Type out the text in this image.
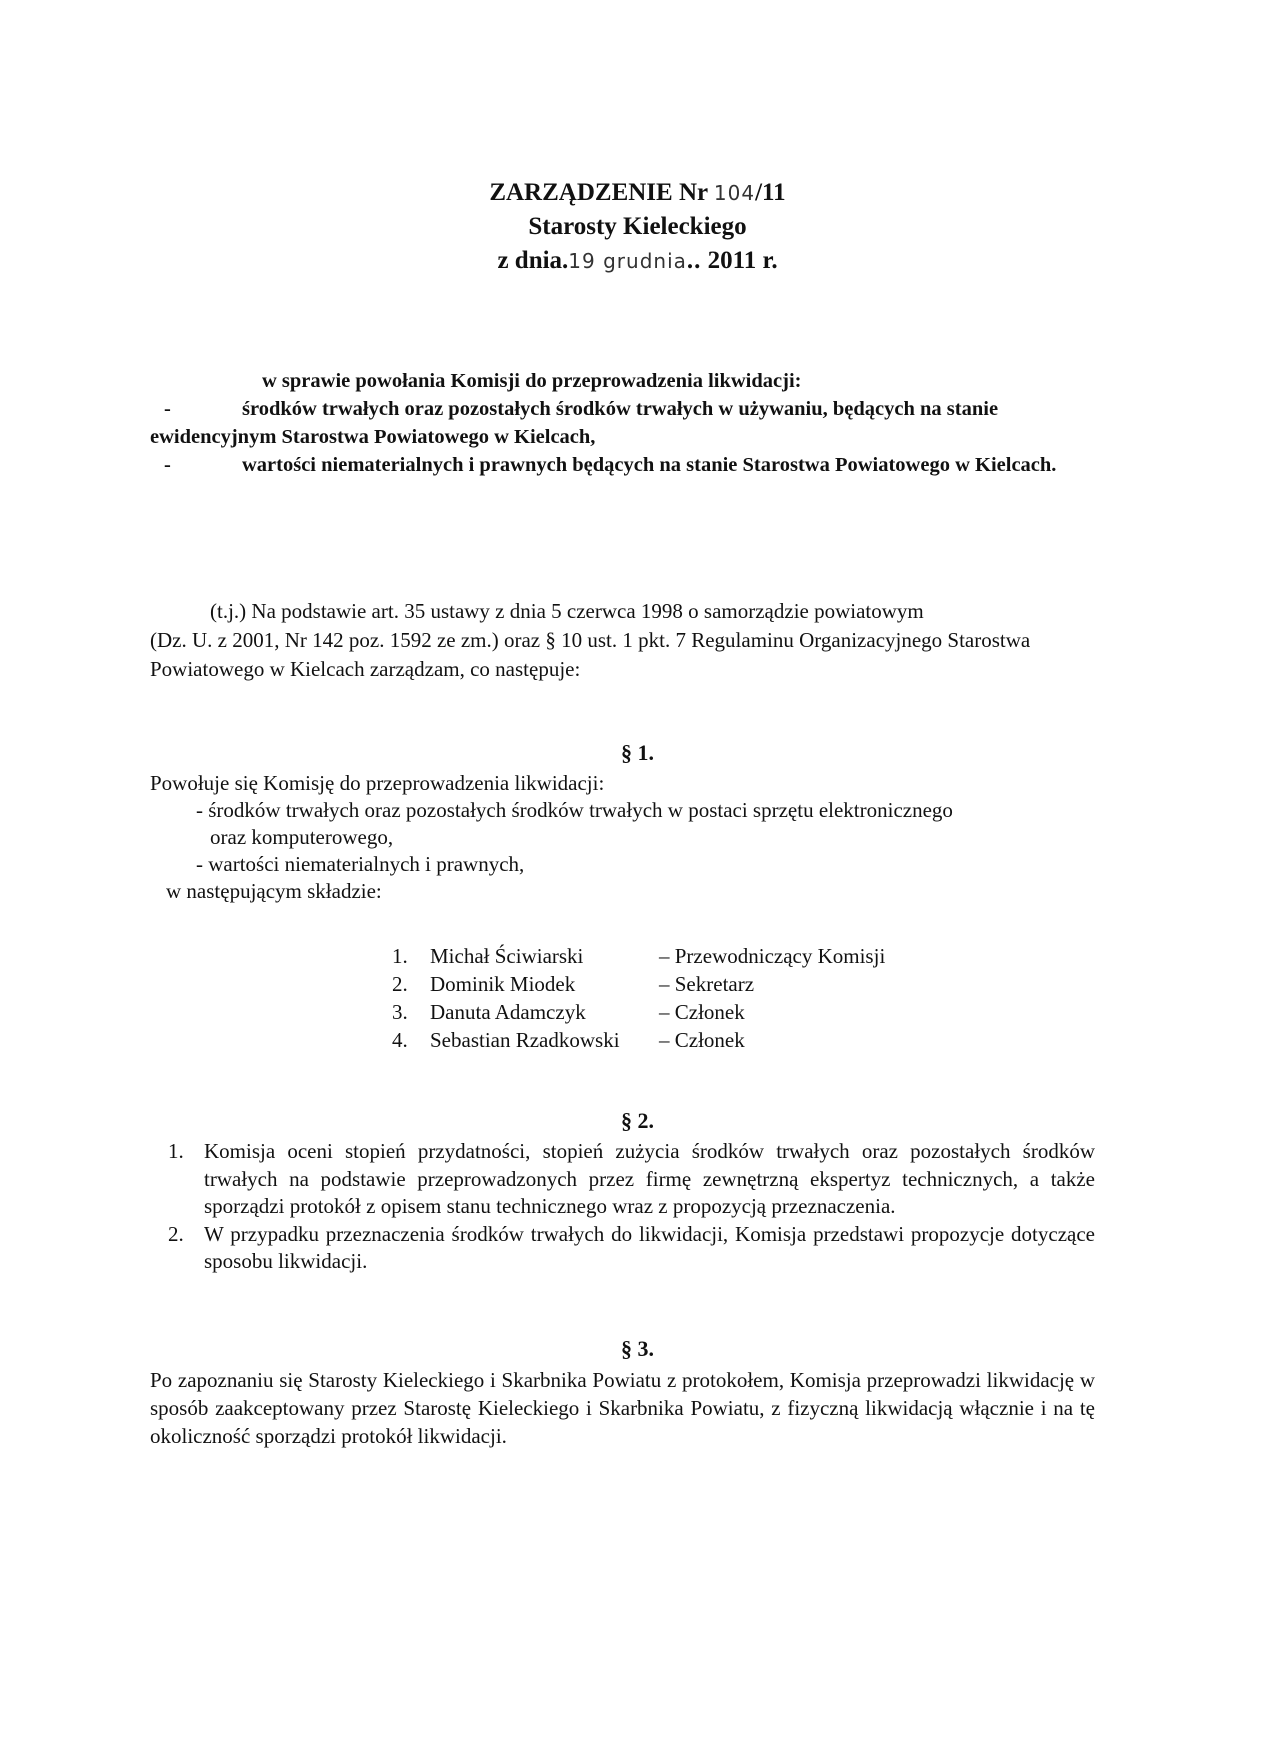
ZARZĄDZENIE Nr 104/11
Starosty Kieleckiego
z dnia.19 grudnia.. 2011 r.
w sprawie powołania Komisji do przeprowadzenia likwidacji:
-	środków trwałych oraz pozostałych środków trwałych w używaniu, będących na stanie ewidencyjnym Starostwa Powiatowego w Kielcach,
-	wartości niematerialnych i prawnych będących na stanie Starostwa Powiatowego w Kielcach.
(t.j.) Na podstawie art. 35 ustawy z dnia 5 czerwca 1998 o samorządzie powiatowym
(Dz. U. z 2001, Nr 142 poz. 1592 ze zm.) oraz § 10 ust. 1 pkt. 7 Regulaminu Organizacyjnego Starostwa Powiatowego w Kielcach zarządzam, co następuje:
§ 1.
Powołuje się Komisję do przeprowadzenia likwidacji:
- środków trwałych oraz pozostałych środków trwałych w postaci sprzętu elektronicznego
oraz komputerowego,
- wartości niematerialnych i prawnych,
w następującym składzie:
1.	Michał Ściwiarski	– Przewodniczący Komisji
2.	Dominik Miodek	– Sekretarz
3.	Danuta Adamczyk	– Członek
4.	Sebastian Rzadkowski	– Członek
§ 2.
1. Komisja oceni stopień przydatności, stopień zużycia środków trwałych oraz pozostałych środków trwałych na podstawie przeprowadzonych przez firmę zewnętrzną ekspertyz technicznych, a także sporządzi protokół z opisem stanu technicznego wraz z propozycją przeznaczenia.
2. W przypadku przeznaczenia środków trwałych do likwidacji, Komisja przedstawi propozycje dotyczące sposobu likwidacji.
§ 3.
Po zapoznaniu się Starosty Kieleckiego i Skarbnika Powiatu z protokołem, Komisja przeprowadzi likwidację w sposób zaakceptowany przez Starostę Kieleckiego i Skarbnika Powiatu, z fizyczną likwidacją włącznie i na tę okoliczność sporządzi protokół likwidacji.
